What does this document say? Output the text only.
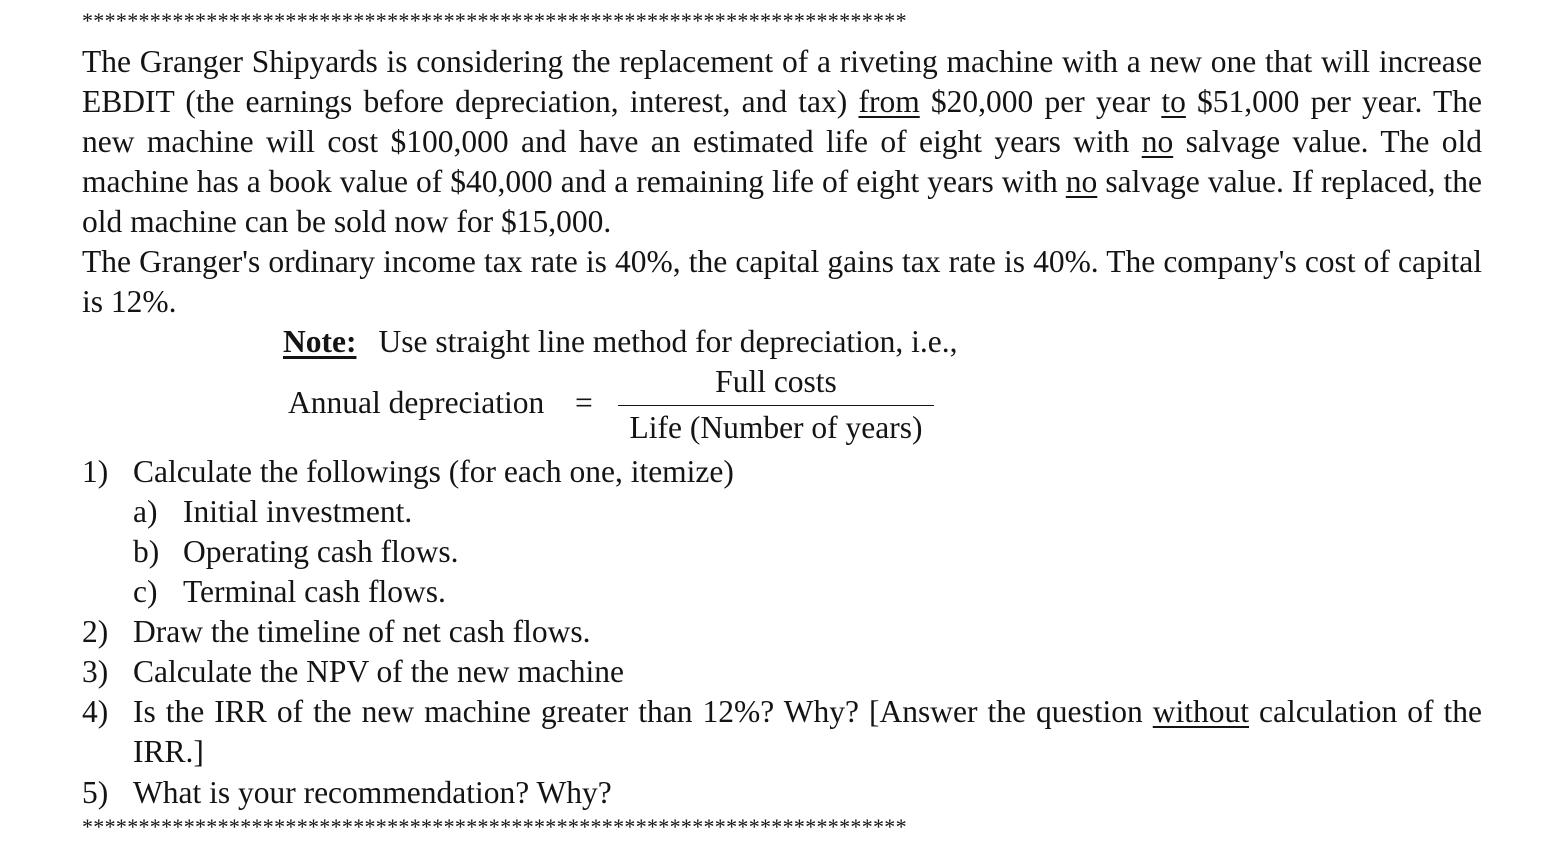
*************************************************************************
The Granger Shipyards is considering the replacement of a riveting machine with a new one that will increase EBDIT (the earnings before depreciation, interest, and tax) from $20,000 per year to $51,000 per year. The new machine will cost $100,000 and have an estimated life of eight years with no salvage value. The old machine has a book value of $40,000 and a remaining life of eight years with no salvage value. If replaced, the old machine can be sold now for $15,000.
The Granger's ordinary income tax rate is 40%, the capital gains tax rate is 40%. The company's cost of capital is 12%.
Note: Use straight line method for depreciation, i.e.,
Annual depreciation =
Full costs
Life (Number of years)
1) Calculate the followings (for each one, itemize)
a) Initial investment.
b) Operating cash flows.
c) Terminal cash flows.
2) Draw the timeline of net cash flows.
3) Calculate the NPV of the new machine
4) Is the IRR of the new machine greater than 12%? Why? [Answer the question without calculation of the IRR.]
5) What is your recommendation? Why?
*************************************************************************
